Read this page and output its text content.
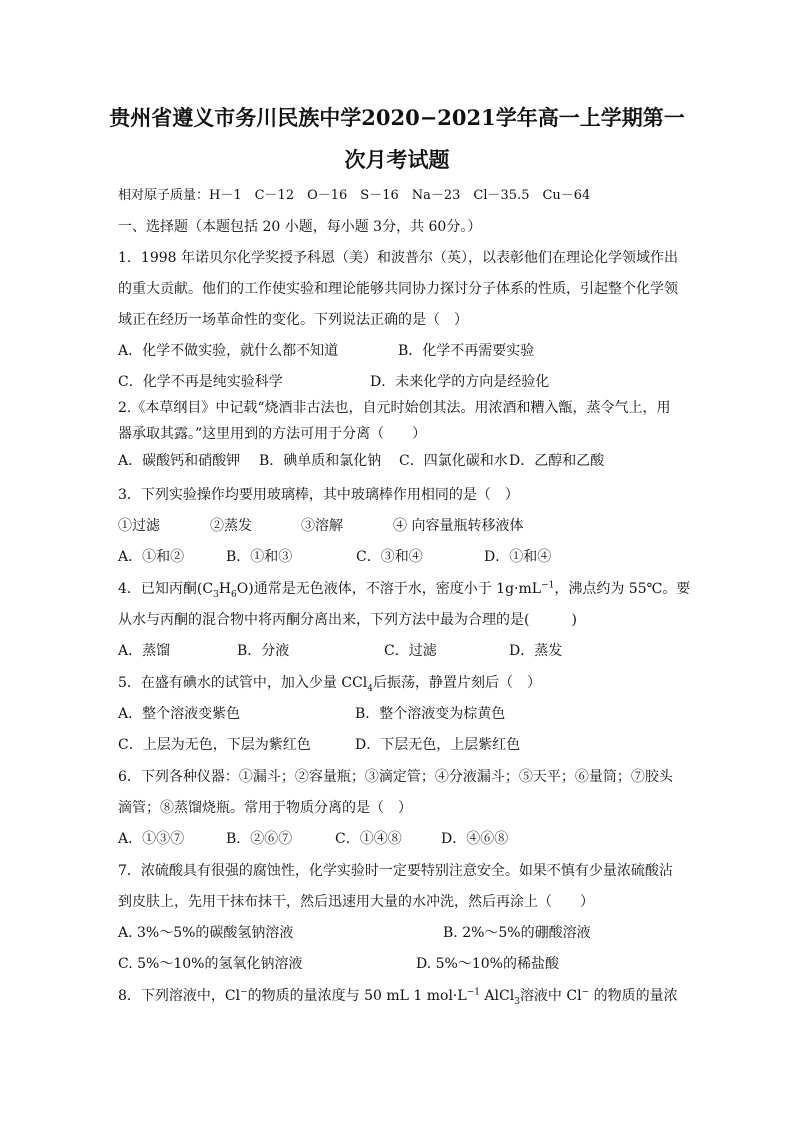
贵州省遵义市务川民族中学2020−2021学年高一上学期第一
次月考试题
相对原子质量：H－1　C－12　O－16　S－16　Na－23　Cl－35.5　Cu－64
一、选择题（本题包括 20 小题，每小题 3分，共 60分。）
1．1998 年诺贝尔化学奖授予科恩（美）和波普尔（英），以表彰他们在理论化学领域作出
的重大贡献。他们的工作使实验和理论能够共同协力探讨分子体系的性质，引起整个化学领
域正在经历一场革命性的变化。下列说法正确的是（　）
A．化学不做实验，就什么都不知道	B．化学不再需要实验
C．化学不再是纯实验科学	D．未来化学的方向是经验化
2.《本草纲目》中记载“烧酒非古法也，自元时始创其法。用浓酒和糟入甑，蒸令气上，用
器承取其露。”这里用到的方法可用于分离（　　）
A．碳酸钙和硝酸钾 B．碘单质和氯化钠 C．四氯化碳和水 D．乙醇和乙酸
3．下列实验操作均要用玻璃棒，其中玻璃棒作用相同的是（　）
①过滤	②蒸发	③溶解	④ 向容量瓶转移液体
A．①和②	B．①和③	C．③和④	D．①和④
4．已知丙酮$(C_3H_6O)$通常是无色液体，不溶于水，密度小于 $1g\cdot mL^{-1}$，沸点约为 55℃。要
从水与丙酮的混合物中将丙酮分离出来，下列方法中最为合理的是(　　　)
A．蒸馏	B．分液	C．过滤	D．蒸发
5．在盛有碘水的试管中，加入少量 CCl$_4$后振荡，静置片刻后（　）
A．整个溶液变紫色	B．整个溶液变为棕黄色
C．上层为无色，下层为紫红色	D．下层无色，上层紫红色
6．下列各种仪器：①漏斗；②容量瓶；③滴定管；④分液漏斗；⑤天平；⑥量筒；⑦胶头
滴管；⑧蒸馏烧瓶。常用于物质分离的是（　）
A．①③⑦	B．②⑥⑦	C．①④⑧	D．④⑥⑧
7．浓硫酸具有很强的腐蚀性，化学实验时一定要特别注意安全。如果不慎有少量浓硫酸沾
到皮肤上，先用干抹布抹干，然后迅速用大量的水冲洗，然后再涂上（　　）
A. 3%～5%的碳酸氢钠溶液	B. 2%～5%的硼酸溶液
C. 5%～10%的氢氧化钠溶液	D. 5%～10%的稀盐酸
8．下列溶液中，Cl−的物质的量浓度与 50 mL 1 $mol\cdot L^{-1}$ AlCl$_3$溶液中 Cl− 的物质的量浓
